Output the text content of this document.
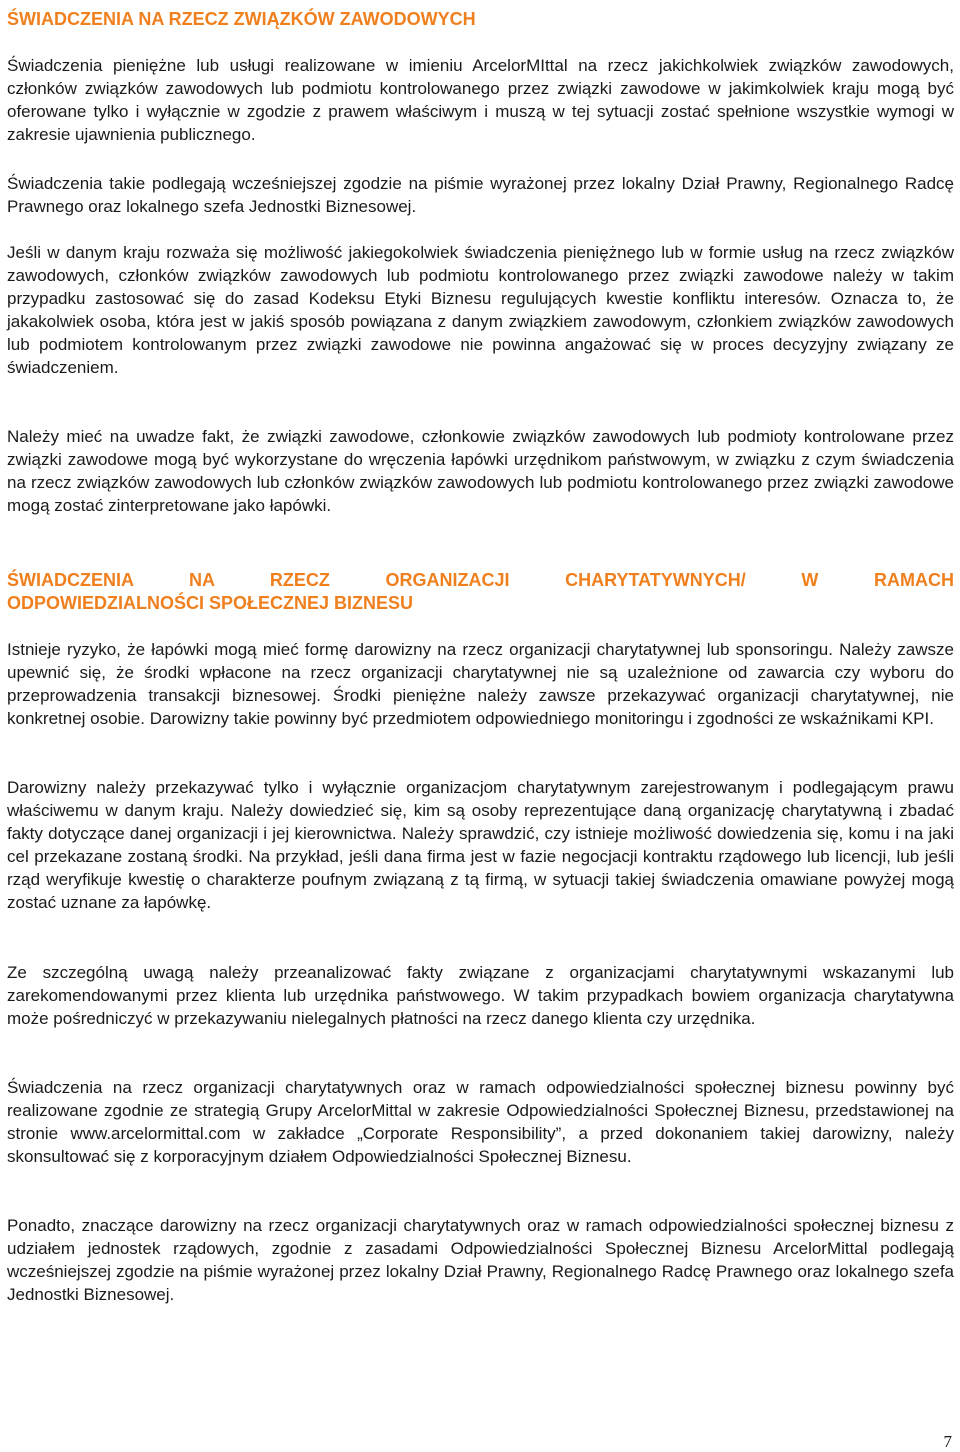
ŚWIADCZENIA NA RZECZ ZWIĄZKÓW ZAWODOWYCH

Świadczenia pieniężne lub usługi realizowane w imieniu ArcelorMIttal na rzecz jakichkolwiek związków zawodowych, członków związków zawodowych lub podmiotu kontrolowanego przez związki zawodowe w jakimkolwiek kraju mogą być oferowane tylko i wyłącznie w zgodzie z prawem właściwym i muszą w tej sytuacji zostać spełnione wszystkie wymogi w zakresie ujawnienia publicznego.

Świadczenia takie podlegają wcześniejszej zgodzie na piśmie wyrażonej przez lokalny Dział Prawny, Regionalnego Radcę Prawnego oraz lokalnego szefa Jednostki Biznesowej.

Jeśli w danym kraju rozważa się możliwość jakiegokolwiek świadczenia pieniężnego lub w formie usług na rzecz związków zawodowych, członków związków zawodowych lub podmiotu kontrolowanego przez związki zawodowe należy w takim przypadku zastosować się do zasad Kodeksu Etyki Biznesu regulujących kwestie konfliktu interesów. Oznacza to, że jakakolwiek osoba, która jest w jakiś sposób powiązana z danym związkiem zawodowym, członkiem związków zawodowych lub podmiotem kontrolowanym przez związki zawodowe nie powinna angażować się w proces decyzyjny związany ze świadczeniem.

Należy mieć na uwadze fakt, że związki zawodowe, członkowie związków zawodowych lub podmioty kontrolowane przez związki zawodowe mogą być wykorzystane do wręczenia łapówki urzędnikom państwowym, w związku z czym świadczenia na rzecz związków zawodowych lub członków związków zawodowych lub podmiotu kontrolowanego przez związki zawodowe mogą zostać zinterpretowane jako łapówki.

ŚWIADCZENIA NA RZECZ ORGANIZACJI CHARYTATYWNYCH/ W RAMACH
ODPOWIEDZIALNOŚCI SPOŁECZNEJ BIZNESU

Istnieje ryzyko, że łapówki mogą mieć formę darowizny na rzecz organizacji charytatywnej lub sponsoringu. Należy zawsze upewnić się, że środki wpłacone na rzecz organizacji charytatywnej nie są uzależnione od zawarcia czy wyboru do przeprowadzenia transakcji biznesowej. Środki pieniężne należy zawsze przekazywać organizacji charytatywnej, nie konkretnej osobie. Darowizny takie powinny być przedmiotem odpowiedniego monitoringu i zgodności ze wskaźnikami KPI.

Darowizny należy przekazywać tylko i wyłącznie organizacjom charytatywnym zarejestrowanym i podlegającym prawu właściwemu w danym kraju. Należy dowiedzieć się, kim są osoby reprezentujące daną organizację charytatywną i zbadać fakty dotyczące danej organizacji i jej kierownictwa. Należy sprawdzić, czy istnieje możliwość dowiedzenia się, komu i na jaki cel przekazane zostaną środki. Na przykład, jeśli dana firma jest w fazie negocjacji kontraktu rządowego lub licencji, lub jeśli rząd weryfikuje kwestię o charakterze poufnym związaną z tą firmą, w sytuacji takiej świadczenia omawiane powyżej mogą zostać uznane za łapówkę.

Ze szczególną uwagą należy przeanalizować fakty związane z organizacjami charytatywnymi wskazanymi lub zarekomendowanymi przez klienta lub urzędnika państwowego. W takim przypadkach bowiem organizacja charytatywna może pośredniczyć w przekazywaniu nielegalnych płatności na rzecz danego klienta czy urzędnika.

Świadczenia na rzecz organizacji charytatywnych oraz w ramach odpowiedzialności społecznej biznesu powinny być realizowane zgodnie ze strategią Grupy ArcelorMittal w zakresie Odpowiedzialności Społecznej Biznesu, przedstawionej na stronie www.arcelormittal.com w zakładce „Corporate Responsibility”, a przed dokonaniem takiej darowizny, należy skonsultować się z korporacyjnym działem Odpowiedzialności Społecznej Biznesu.

Ponadto, znaczące darowizny na rzecz organizacji charytatywnych oraz w ramach odpowiedzialności społecznej biznesu z udziałem jednostek rządowych, zgodnie z zasadami Odpowiedzialności Społecznej Biznesu ArcelorMittal podlegają wcześniejszej zgodzie na piśmie wyrażonej przez lokalny Dział Prawny, Regionalnego Radcę Prawnego oraz lokalnego szefa Jednostki Biznesowej.

7
